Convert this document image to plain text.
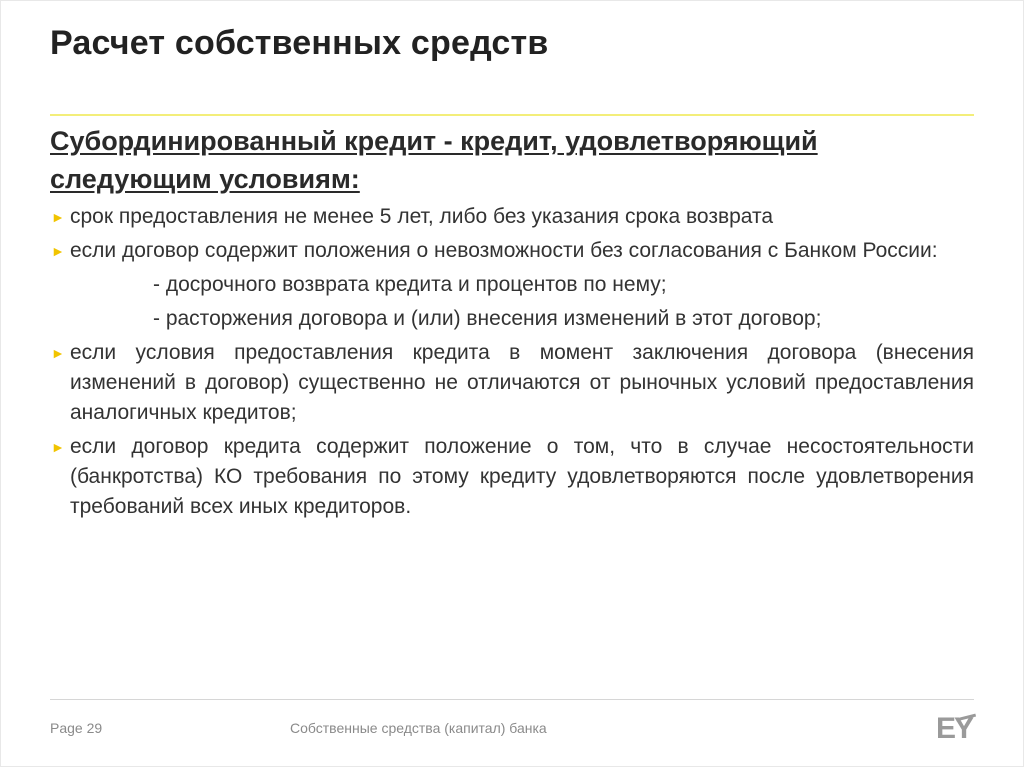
Расчет собственных средств
Субординированный кредит - кредит, удовлетворяющий следующим условиям:
► срок предоставления не менее 5 лет, либо без указания срока возврата
► если договор содержит положения о невозможности без согласования с Банком России:
- досрочного возврата кредита и процентов по нему;
- расторжения договора и (или) внесения изменений в этот договор;
► если условия предоставления кредита в момент заключения договора (внесения изменений в договор) существенно не отличаются от рыночных условий предоставления аналогичных кредитов;
► если договор кредита содержит положение о том, что в случае несостоятельности (банкротства) КО требования по этому кредиту удовлетворяются после удовлетворения требований всех иных кредиторов.
Page 29	Собственные средства (капитал) банка	EY
